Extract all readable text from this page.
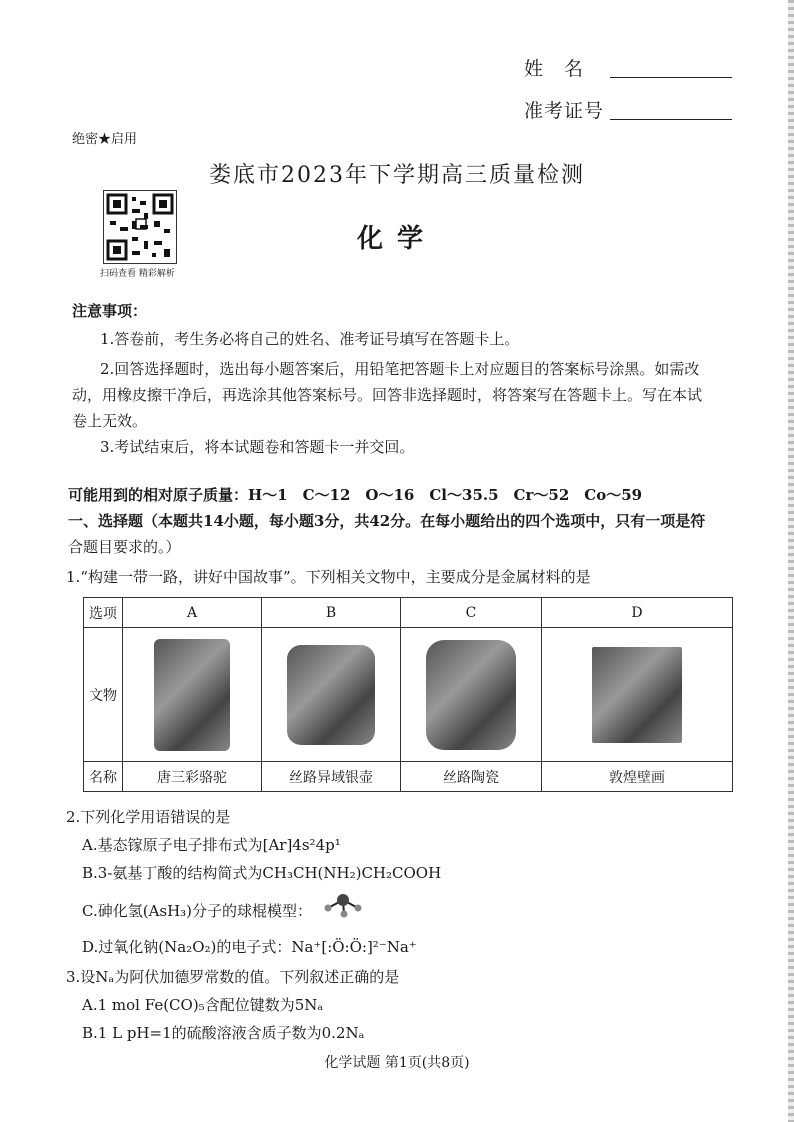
姓　名
准考证号
绝密★启用
娄底市2023年下学期高三质量检测
扫码查看 精彩解析
化学
注意事项：
1.答卷前，考生务必将自己的姓名、准考证号填写在答题卡上。
2.回答选择题时，选出每小题答案后，用铅笔把答题卡上对应题目的答案标号涂黑。如需改
动，用橡皮擦干净后，再选涂其他答案标号。回答非选择题时，将答案写在答题卡上。写在本试
卷上无效。
3.考试结束后，将本试题卷和答题卡一并交回。
可能用到的相对原子质量：H～1　C～12　O～16　Cl～35.5　Cr～52　Co～59
一、选择题（本题共14小题，每小题3分，共42分。在每小题给出的四个选项中，只有一项是符
合题目要求的。）
1.“构建一带一路，讲好中国故事”。下列相关文物中，主要成分是金属材料的是
选项	A	B	C	D
文物	

名称	唐三彩骆驼	丝路异域银壶	丝路陶瓷	敦煌壁画
2.下列化学用语错误的是
A.基态镓原子电子排布式为[Ar]4s²4p¹
B.3-氨基丁酸的结构简式为CH₃CH(NH₂)CH₂COOH
C.砷化氢(AsH₃)分子的球棍模型：
D.过氧化钠(Na₂O₂)的电子式：Na⁺[:Ö:Ö:]²⁻Na⁺
3.设Nₐ为阿伏加德罗常数的值。下列叙述正确的是
A.1 mol Fe(CO)₅含配位键数为5Nₐ
B.1 L pH=1的硫酸溶液含质子数为0.2Nₐ
化学试题 第1页(共8页)
